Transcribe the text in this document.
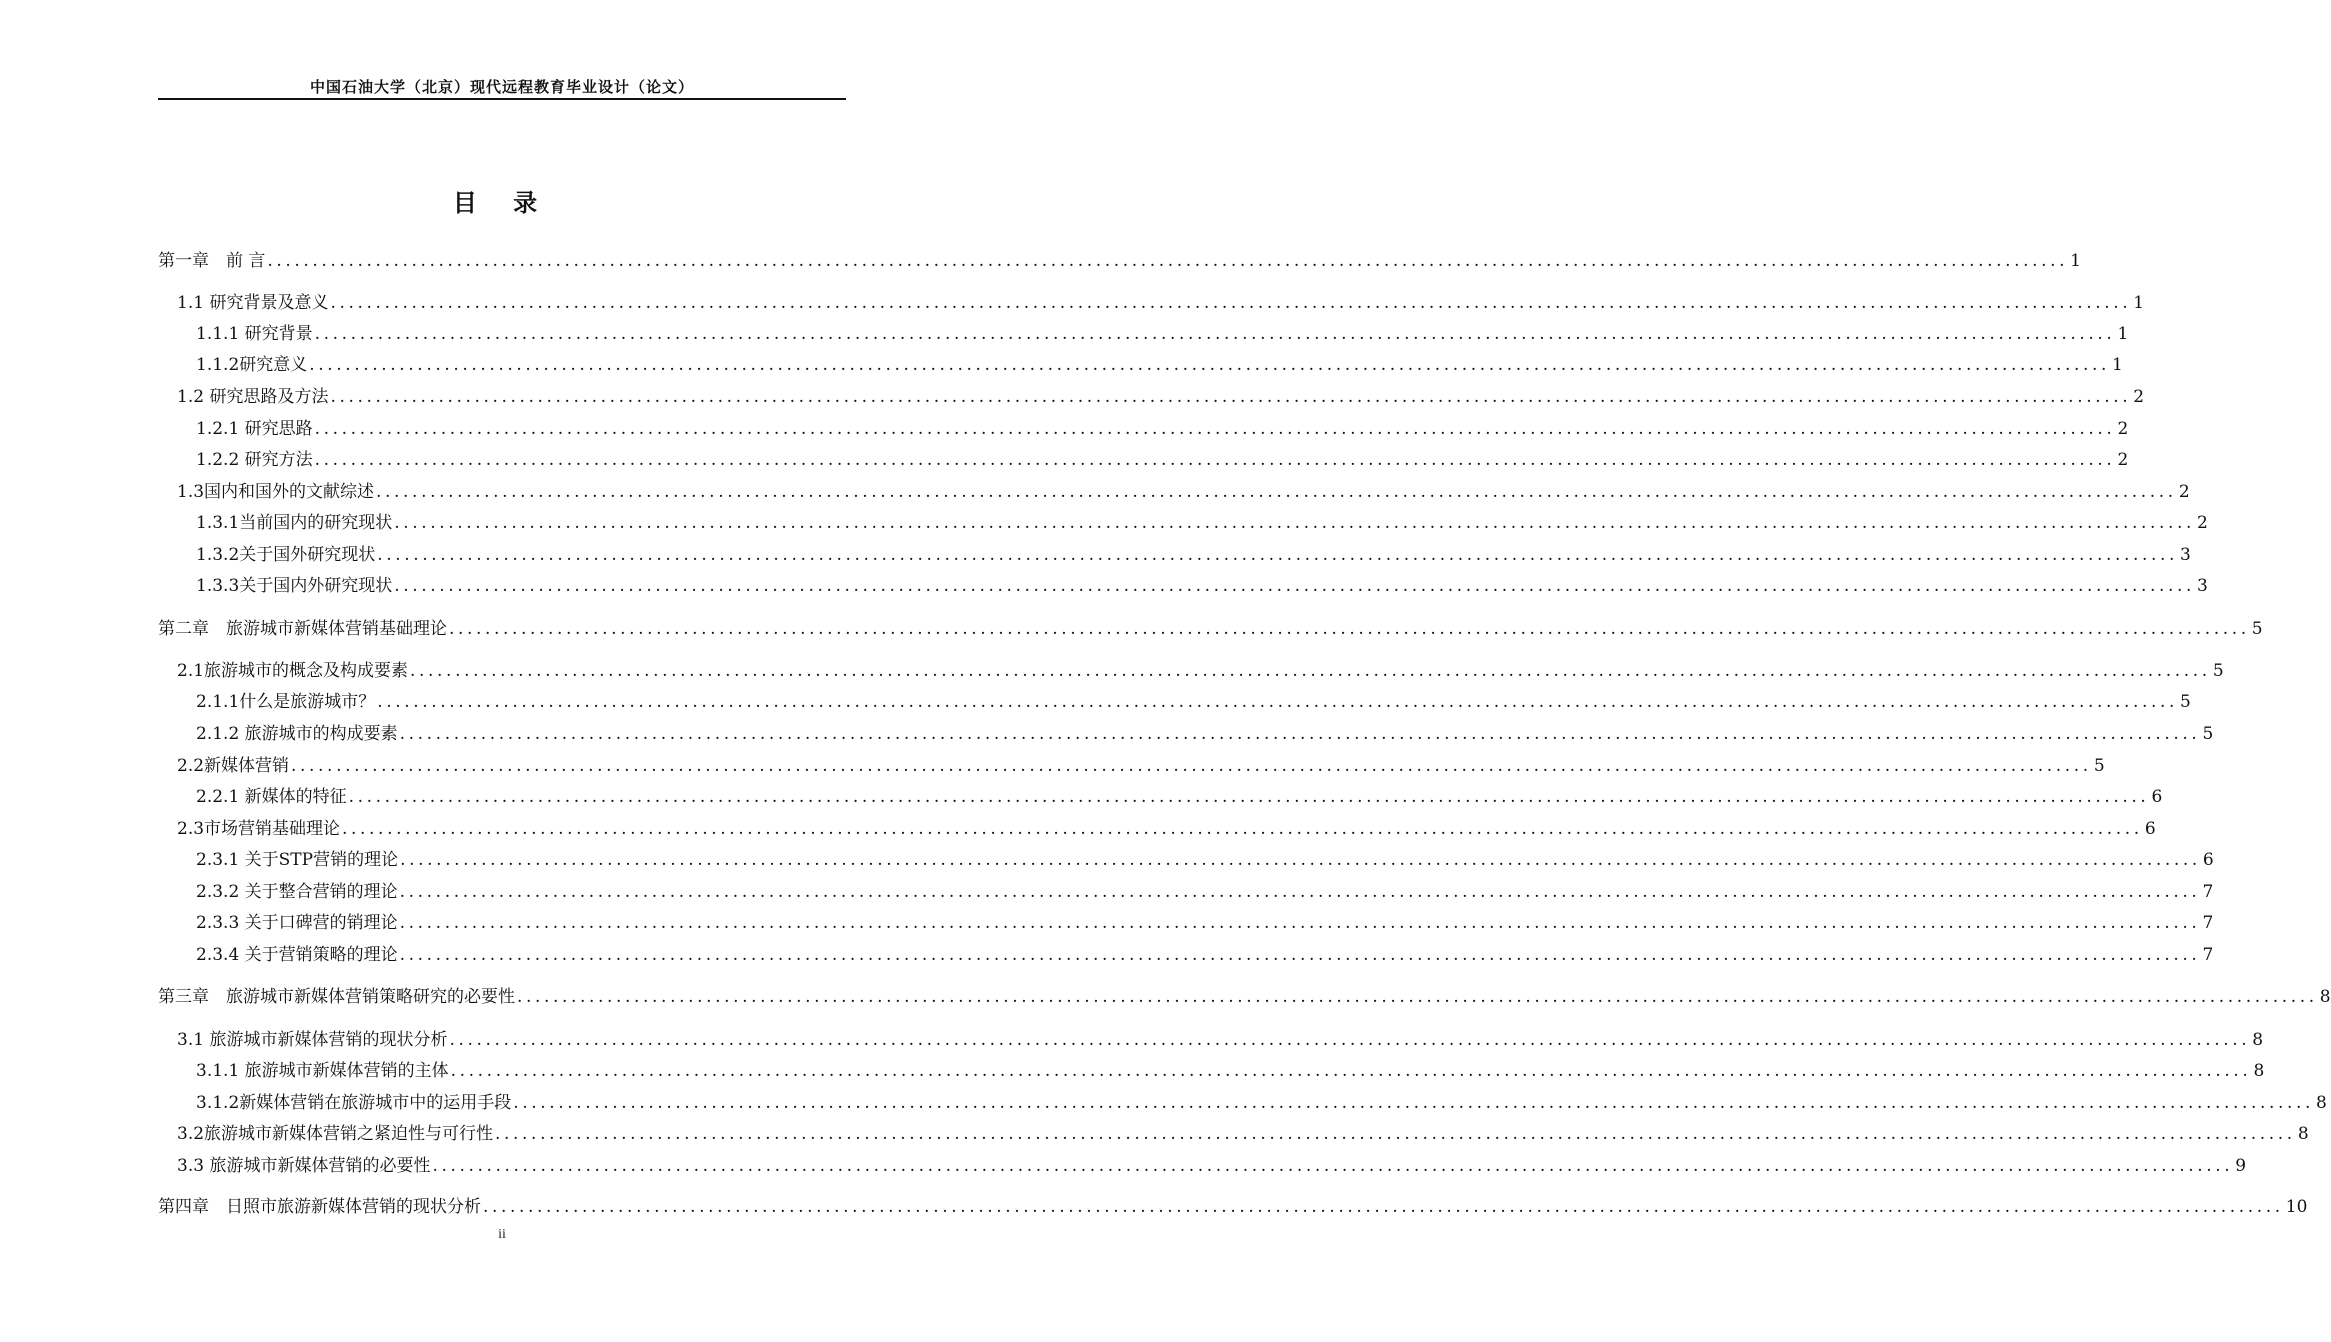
中国石油大学（北京）现代远程教育毕业设计（论文）
目 录
第一章　前 言 ........................................................................................................................................................................................................ 1
1.1 研究背景及意义 ........................................................................................................................................................................................................ 1
1.1.1 研究背景 ........................................................................................................................................................................................................ 1
1.1.2研究意义 ........................................................................................................................................................................................................ 1
1.2 研究思路及方法 ........................................................................................................................................................................................................ 2
1.2.1 研究思路 ........................................................................................................................................................................................................ 2
1.2.2 研究方法 ........................................................................................................................................................................................................ 2
1.3国内和国外的文献综述 ........................................................................................................................................................................................................ 2
1.3.1当前国内的研究现状 ........................................................................................................................................................................................................ 2
1.3.2关于国外研究现状 ........................................................................................................................................................................................................ 3
1.3.3关于国内外研究现状 ........................................................................................................................................................................................................ 3
第二章　旅游城市新媒体营销基础理论 ........................................................................................................................................................................................................ 5
2.1旅游城市的概念及构成要素 ........................................................................................................................................................................................................ 5
2.1.1什么是旅游城市？ ........................................................................................................................................................................................................ 5
2.1.2 旅游城市的构成要素 ........................................................................................................................................................................................................ 5
2.2新媒体营销 ........................................................................................................................................................................................................ 5
2.2.1 新媒体的特征 ........................................................................................................................................................................................................ 6
2.3市场营销基础理论 ........................................................................................................................................................................................................ 6
2.3.1 关于STP营销的理论 ........................................................................................................................................................................................................ 6
2.3.2 关于整合营销的理论 ........................................................................................................................................................................................................ 7
2.3.3 关于口碑营的销理论 ........................................................................................................................................................................................................ 7
2.3.4 关于营销策略的理论 ........................................................................................................................................................................................................ 7
第三章　旅游城市新媒体营销策略研究的必要性 ........................................................................................................................................................................................................ 8
3.1 旅游城市新媒体营销的现状分析 ........................................................................................................................................................................................................ 8
3.1.1 旅游城市新媒体营销的主体 ........................................................................................................................................................................................................ 8
3.1.2新媒体营销在旅游城市中的运用手段 ........................................................................................................................................................................................................ 8
3.2旅游城市新媒体营销之紧迫性与可行性 ........................................................................................................................................................................................................ 8
3.3 旅游城市新媒体营销的必要性 ........................................................................................................................................................................................................ 9
第四章　日照市旅游新媒体营销的现状分析 ........................................................................................................................................................................................................ 10
ii
